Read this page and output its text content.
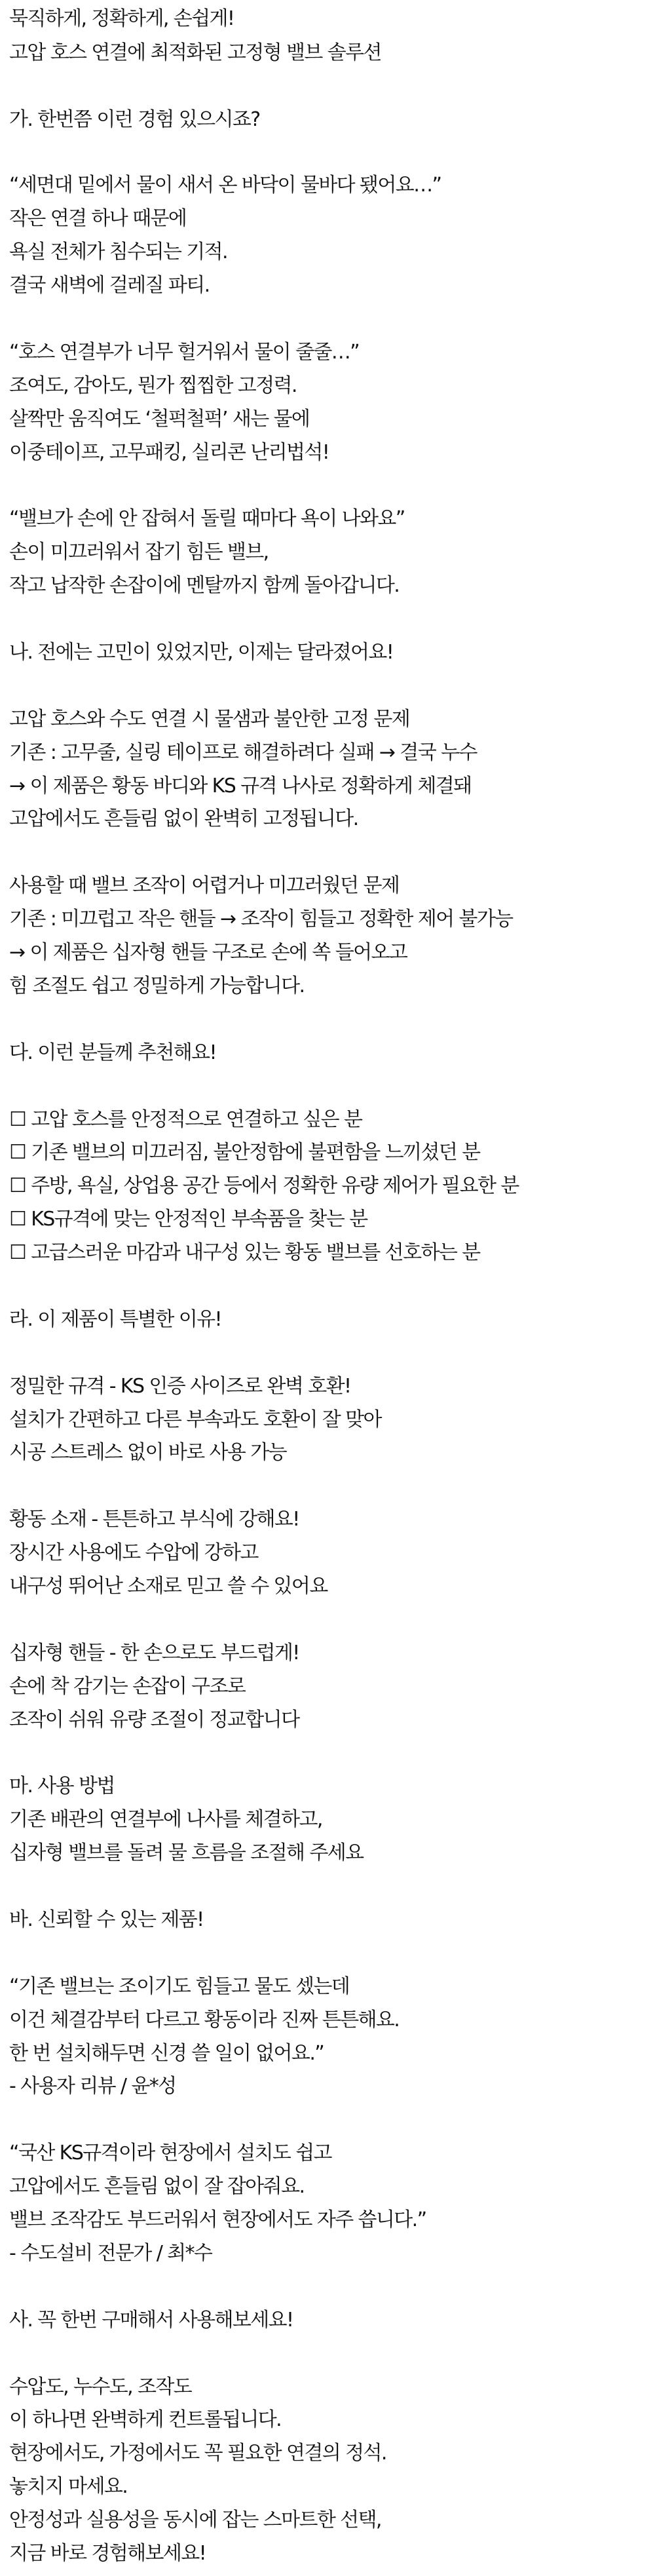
묵직하게, 정확하게, 손쉽게!
고압 호스 연결에 최적화된 고정형 밸브 솔루션
가. 한번쯤 이런 경험 있으시죠?
“세면대 밑에서 물이 새서 온 바닥이 물바다 됐어요…”
작은 연결 하나 때문에
욕실 전체가 침수되는 기적.
결국 새벽에 걸레질 파티.
“호스 연결부가 너무 헐거워서 물이 줄줄…”
조여도, 감아도, 뭔가 찝찝한 고정력.
살짝만 움직여도 ‘철퍽철퍽’ 새는 물에
이중테이프, 고무패킹, 실리콘 난리법석!
“밸브가 손에 안 잡혀서 돌릴 때마다 욕이 나와요”
손이 미끄러워서 잡기 힘든 밸브,
작고 납작한 손잡이에 멘탈까지 함께 돌아갑니다.
나. 전에는 고민이 있었지만, 이제는 달라졌어요!
고압 호스와 수도 연결 시 물샘과 불안한 고정 문제
기존 : 고무줄, 실링 테이프로 해결하려다 실패 → 결국 누수
→ 이 제품은 황동 바디와 KS 규격 나사로 정확하게 체결돼
고압에서도 흔들림 없이 완벽히 고정됩니다.
사용할 때 밸브 조작이 어렵거나 미끄러웠던 문제
기존 : 미끄럽고 작은 핸들 → 조작이 힘들고 정확한 제어 불가능
→ 이 제품은 십자형 핸들 구조로 손에 쏙 들어오고
힘 조절도 쉽고 정밀하게 가능합니다.
다. 이런 분들께 추천해요!
☐ 고압 호스를 안정적으로 연결하고 싶은 분
☐ 기존 밸브의 미끄러짐, 불안정함에 불편함을 느끼셨던 분
☐ 주방, 욕실, 상업용 공간 등에서 정확한 유량 제어가 필요한 분
☐ KS규격에 맞는 안정적인 부속품을 찾는 분
☐ 고급스러운 마감과 내구성 있는 황동 밸브를 선호하는 분
라. 이 제품이 특별한 이유!
정밀한 규격 - KS 인증 사이즈로 완벽 호환!
설치가 간편하고 다른 부속과도 호환이 잘 맞아
시공 스트레스 없이 바로 사용 가능
황동 소재 - 튼튼하고 부식에 강해요!
장시간 사용에도 수압에 강하고
내구성 뛰어난 소재로 믿고 쓸 수 있어요
십자형 핸들 - 한 손으로도 부드럽게!
손에 착 감기는 손잡이 구조로
조작이 쉬워 유량 조절이 정교합니다
마. 사용 방법
기존 배관의 연결부에 나사를 체결하고,
십자형 밸브를 돌려 물 흐름을 조절해 주세요
바. 신뢰할 수 있는 제품!
“기존 밸브는 조이기도 힘들고 물도 셌는데
이건 체결감부터 다르고 황동이라 진짜 튼튼해요.
한 번 설치해두면 신경 쓸 일이 없어요.”
- 사용자 리뷰 / 윤*성
“국산 KS규격이라 현장에서 설치도 쉽고
고압에서도 흔들림 없이 잘 잡아줘요.
밸브 조작감도 부드러워서 현장에서도 자주 씁니다.”
- 수도설비 전문가 / 최*수
사. 꼭 한번 구매해서 사용해보세요!
수압도, 누수도, 조작도
이 하나면 완벽하게 컨트롤됩니다.
현장에서도, 가정에서도 꼭 필요한 연결의 정석.
놓치지 마세요.
안정성과 실용성을 동시에 잡는 스마트한 선택,
지금 바로 경험해보세요!
